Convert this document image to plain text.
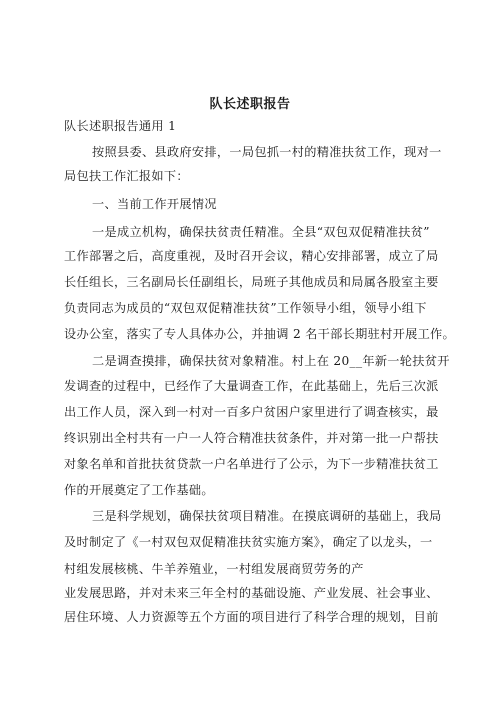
队长述职报告
队长述职报告通用 1
按照县委、县政府安排，一局包抓一村的精准扶贫工作，现对一
局包扶工作汇报如下：
一、当前工作开展情况
一是成立机构，确保扶贫责任精准。全县“双包双促精准扶贫”
工作部署之后，高度重视，及时召开会议，精心安排部署，成立了局
长任组长，三名副局长任副组长，局班子其他成员和局属各股室主要
负责同志为成员的“双包双促精准扶贫”工作领导小组，领导小组下
设办公室，落实了专人具体办公，并抽调 2 名干部长期驻村开展工作。
二是调查摸排，确保扶贫对象精准。村上在 20__年新一轮扶贫开
发调查的过程中，已经作了大量调查工作，在此基础上，先后三次派
出工作人员，深入到一村对一百多户贫困户家里进行了调查核实，最
终识别出全村共有一户一人符合精准扶贫条件，并对第一批一户帮扶
对象名单和首批扶贫贷款一户名单进行了公示，为下一步精准扶贫工
作的开展奠定了工作基础。
三是科学规划，确保扶贫项目精准。在摸底调研的基础上，我局
及时制定了《一村双包双促精准扶贫实施方案》，确定了以龙头，一
村组发展核桃、牛羊养殖业，一村组发展商贸劳务的产
业发展思路，并对未来三年全村的基础设施、产业发展、社会事业、
居住环境、人力资源等五个方面的项目进行了科学合理的规划，目前
